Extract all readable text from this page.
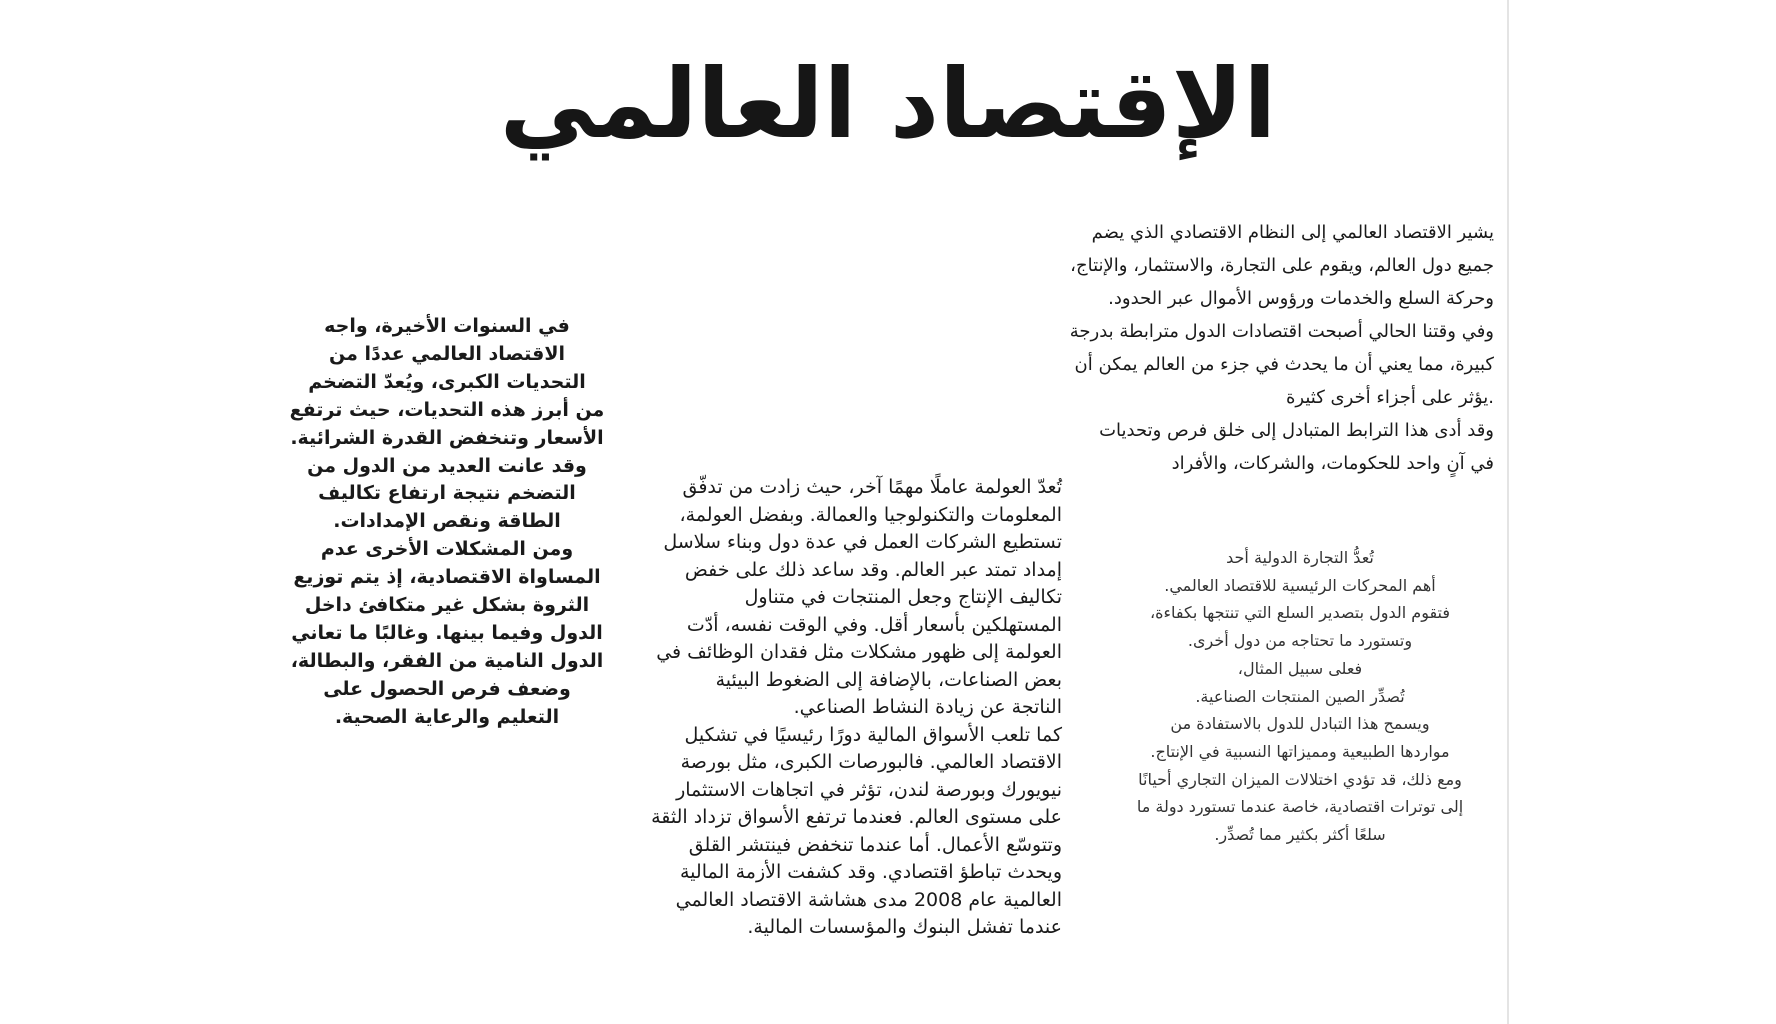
الإقتصاد العالمي
يشير الاقتصاد العالمي إلى النظام الاقتصادي الذي يضم
جميع دول العالم، ويقوم على التجارة، والاستثمار، والإنتاج،
وحركة السلع والخدمات ورؤوس الأموال عبر الحدود.
وفي وقتنا الحالي أصبحت اقتصادات الدول مترابطة بدرجة
كبيرة، مما يعني أن ما يحدث في جزء من العالم يمكن أن
.يؤثر على أجزاء أخرى كثيرة
وقد أدى هذا الترابط المتبادل إلى خلق فرص وتحديات
في آنٍ واحد للحكومات، والشركات، والأفراد
تُعدُّ التجارة الدولية أحد
أهم المحركات الرئيسية للاقتصاد العالمي.
فتقوم الدول بتصدير السلع التي تنتجها بكفاءة،
وتستورد ما تحتاجه من دول أخرى.
فعلى سبيل المثال،
تُصدِّر الصين المنتجات الصناعية.
ويسمح هذا التبادل للدول بالاستفادة من
مواردها الطبيعية ومميزاتها النسبية في الإنتاج.
ومع ذلك، قد تؤدي اختلالات الميزان التجاري أحيانًا
إلى توترات اقتصادية، خاصة عندما تستورد دولة ما
سلعًا أكثر بكثير مما تُصدِّر.
تُعدّ العولمة عاملًا مهمًا آخر، حيث زادت من تدفّق
المعلومات والتكنولوجيا والعمالة. وبفضل العولمة،
تستطيع الشركات العمل في عدة دول وبناء سلاسل
إمداد تمتد عبر العالم. وقد ساعد ذلك على خفض
تكاليف الإنتاج وجعل المنتجات في متناول
المستهلكين بأسعار أقل. وفي الوقت نفسه، أدّت
العولمة إلى ظهور مشكلات مثل فقدان الوظائف في
بعض الصناعات، بالإضافة إلى الضغوط البيئية
الناتجة عن زيادة النشاط الصناعي.
كما تلعب الأسواق المالية دورًا رئيسيًا في تشكيل
الاقتصاد العالمي. فالبورصات الكبرى، مثل بورصة
نيويورك وبورصة لندن، تؤثر في اتجاهات الاستثمار
على مستوى العالم. فعندما ترتفع الأسواق تزداد الثقة
وتتوسّع الأعمال. أما عندما تنخفض فينتشر القلق
ويحدث تباطؤ اقتصادي. وقد كشفت الأزمة المالية
العالمية عام 2008 مدى هشاشة الاقتصاد العالمي
عندما تفشل البنوك والمؤسسات المالية.
في السنوات الأخيرة، واجه
الاقتصاد العالمي عددًا من
التحديات الكبرى، ويُعدّ التضخم
من أبرز هذه التحديات، حيث ترتفع
الأسعار وتنخفض القدرة الشرائية.
وقد عانت العديد من الدول من
التضخم نتيجة ارتفاع تكاليف
الطاقة ونقص الإمدادات.
ومن المشكلات الأخرى عدم
المساواة الاقتصادية، إذ يتم توزيع
الثروة بشكل غير متكافئ داخل
الدول وفيما بينها. وغالبًا ما تعاني
الدول النامية من الفقر، والبطالة،
وضعف فرص الحصول على
التعليم والرعاية الصحية.
